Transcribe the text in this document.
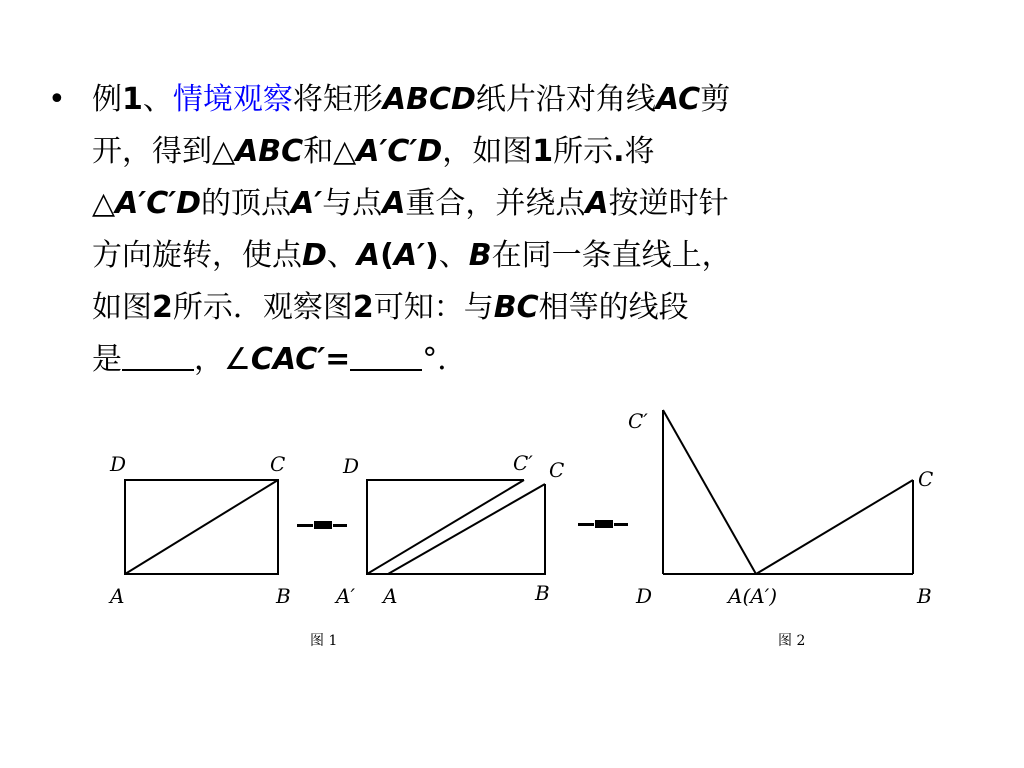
• 例1、情境观察将矩形ABCD纸片沿对角线AC剪
开，得到△ABC和△A′C′D，如图1所示.将
△A′C′D的顶点A′与点A重合，并绕点A按逆时针
方向旋转，使点D、A(A′)、B在同一条直线上，
如图2所示．观察图2可知：与BC相等的线段
是 ，∠CAC′= °．
D	C
A	B
D	C′ C
A′ A	B
C′
C
D	A(A′)	B
图 1	图 2
